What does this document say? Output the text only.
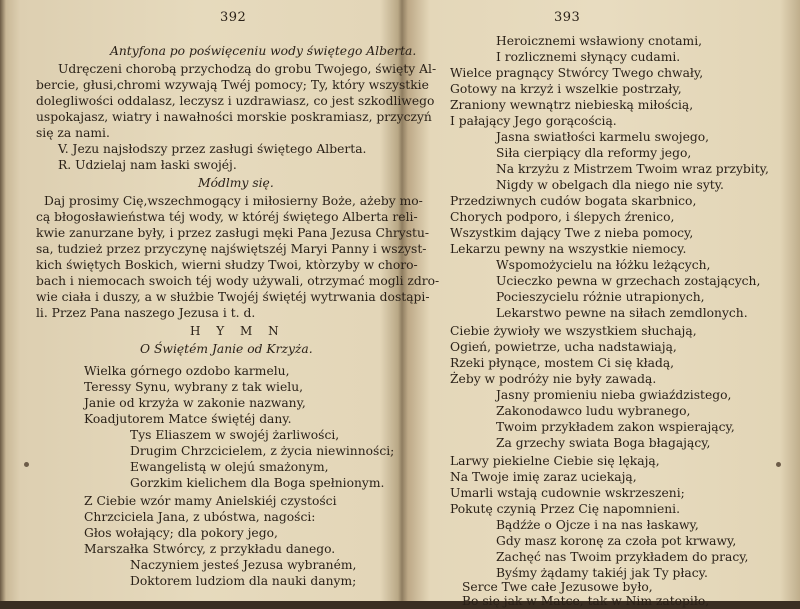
392
Antyfona po poświęceniu wody świętego Alberta.
Udręczeni chorobą przychodzą do grobu Twojego, święty Al-
bercie, głusi,chromi wzywają Twéj pomocy; Ty, który wszystkie
dolegliwości oddalasz, leczysz i uzdrawiasz, co jest szkodliwego
uspokajasz, wiatry i nawałności morskie poskramiasz, przyczyń
się za nami.
V. Jezu najsłodszy przez zasługi świętego Alberta.
R. Udzielaj nam łaski swojéj.
Módlmy się.
Daj prosimy Cię,wszechmogący i miłosierny Boże, ażeby mo-
cą błogosławieństwa téj wody, w któréj świętego Alberta reli-
kwie zanurzane były, i przez zasługi męki Pana Jezusa Chrystu-
sa, tudzież przez przyczynę najświętszéj Maryi Panny i wszyst-
kich świętych Boskich, wierni słudzy Twoi, ktòrzyby w choro-
bach i niemocach swoich téj wody używali, otrzymać mogli zdro-
wie ciała i duszy, a w służbie Twojéj świętéj wytrwania dostąpi-
li. Przez Pana naszego Jezusa i t. d.
H Y M N
O Świętém Janie od Krzyża.
Wielka górnego ozdobo karmelu,
Teressy Synu, wybrany z tak wielu,
Janie od krzyża w zakonie nazwany,
Koadjutorem Matce świętéj dany.
Tys Eliaszem w swojéj żarliwości,
Drugim Chrzcicielem, z życia niewinności;
Ewangelistą w olejú smażonym,
Gorzkim kielichem dla Boga spełnionym.
Z Ciebie wzór mamy Anielskiéj czystości
Chrzciciela Jana, z ubóstwa, nagości:
Głos wołający; dla pokory jego,
Marszałka Stwórcy, z przykładu danego.
Naczyniem jesteś Jezusa wybraném,
Doktorem ludziom dla nauki danym;
393
Heroicznemi wsławiony cnotami,
I rozlicznemi słynący cudami.
Wielce pragnący Stwórcy Twego chwały,
Gotowy na krzyż i wszelkie postrzały,
Zraniony wewnątrz niebieską miłością,
I pałający Jego gorącością.
Jasna swiatłości karmelu swojego,
Siła cierpiący dla reformy jego,
Na krzyżu z Mistrzem Twoim wraz przybity,
Nigdy w obelgach dla niego nie syty.
Przedziwnych cudów bogata skarbnico,
Chorych podporo, i ślepych źrenico,
Wszystkim dający Twe z nieba pomocy,
Lekarzu pewny na wszystkie niemocy.
Wspomożycielu na łóżku leżących,
Ucieczko pewna w grzechach zostających,
Pocieszycielu różnie utrapionych,
Lekarstwo pewne na siłach zemdlonych.
Ciebie żywioły we wszystkiem słuchają,
Ogień, powietrze, ucha nadstawiają,
Rzeki płynące, mostem Ci się kładą,
Żeby w podróży nie były zawadą.
Jasny promieniu nieba gwiaździstego,
Zakonodawco ludu wybranego,
Twoim przykładem zakon wspierający,
Za grzechy swiata Boga błagający,
Larwy piekielne Ciebie się lękają,
Na Twoje imię zaraz uciekają,
Umarli wstają cudownie wskrzeszeni;
Pokutę czynią Przez Cię napomnieni.
Bądźże o Ojcze i na nas łaskawy,
Gdy masz koronę za czoła pot krwawy,
Zachęć nas Twoim przykładem do pracy,
Byśmy żądamy takiéj jak Ty płacy.
Serce Twe całe Jezusowe było,
Bo się jak w Matce, tak w Nim zatopiło,
